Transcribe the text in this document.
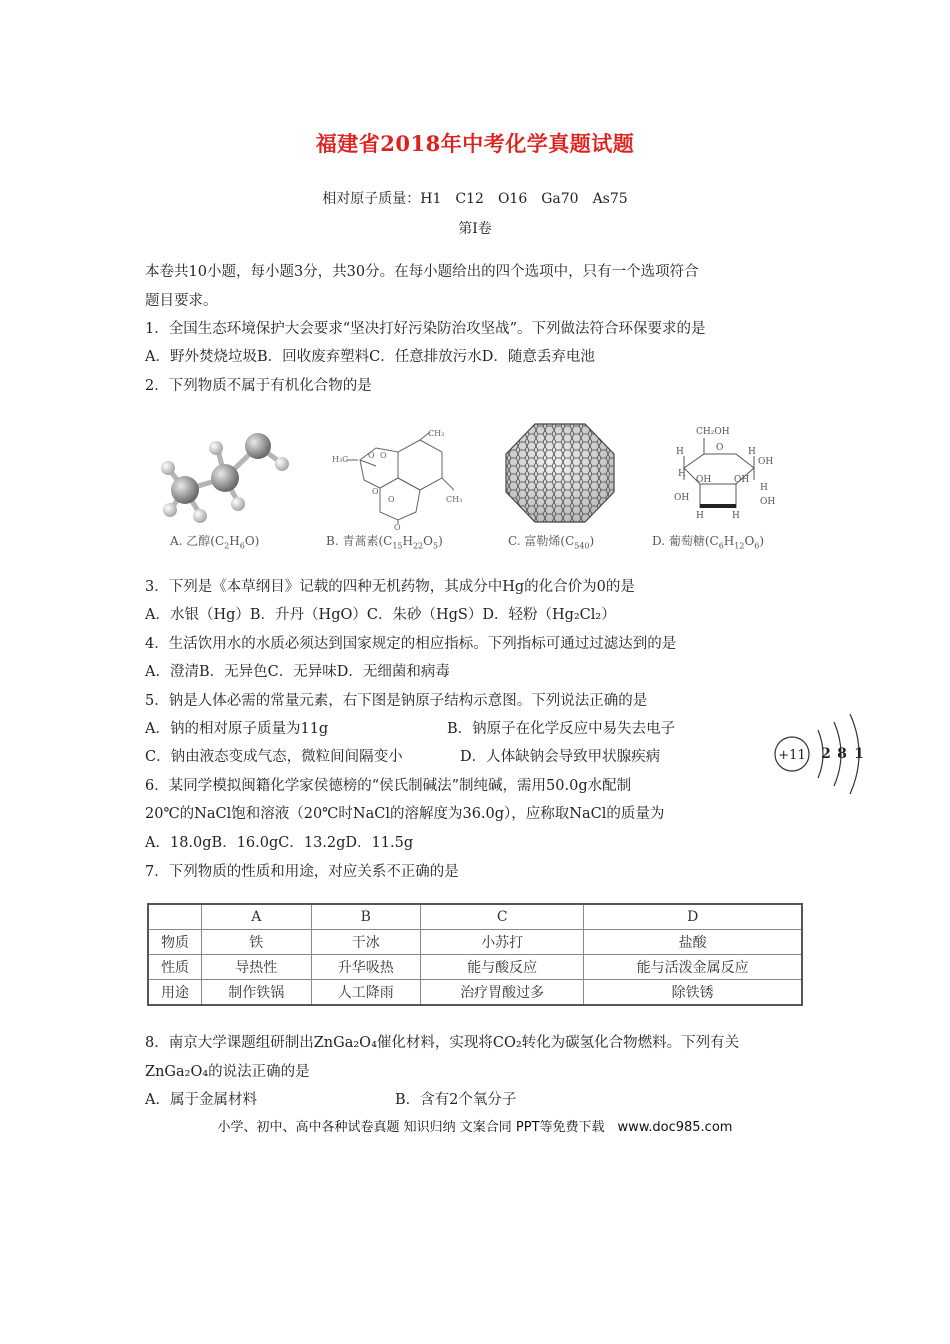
福建省2018年中考化学真题试题
相对原子质量：H1　C12　O16　Ga70　As75
第Ⅰ卷
本卷共10小题，每小题3分，共30分。在每小题给出的四个选项中，只有一个选项符合
题目要求。
1．全国生态环境保护大会要求“坚决打好污染防治攻坚战”。下列做法符合环保要求的是
A．野外焚烧垃圾B．回收废弃塑料C．任意排放污水D．随意丢弃电池
2．下列物质不属于有机化合物的是
CH₃
H₃C O O
O
O
O
CH₃
CH₂OH
H	O	H
OH
H
OH	OH
OH
H
H	H
OH
A. 乙醇$(C_2H_6O)$	B. 青蒿素$(C_{15}H_{22}O_5)$	C. 富勒烯$(C_{540})$	D. 葡萄糖$(C_6H_{12}O_6)$
3．下列是《本草纲目》记载的四种无机药物，其成分中Hg的化合价为0的是
A．水银（Hg）B．升丹（HgO）C．朱砂（HgS）D．轻粉（Hg₂Cl₂）
4．生活饮用水的水质必须达到国家规定的相应指标。下列指标可通过过滤达到的是
A．澄清B．无异色C．无异味D．无细菌和病毒
5．钠是人体必需的常量元素，右下图是钠原子结构示意图。下列说法正确的是
A．钠的相对原子质量为11g	B．钠原子在化学反应中易失去电子
C．钠由液态变成气态，微粒间间隔变小	D．人体缺钠会导致甲状腺疾病	+11 2 8 1
6．某同学模拟闽籍化学家侯德榜的“侯氏制碱法”制纯碱，需用50.0g水配制
20℃的NaCl饱和溶液（20℃时NaCl的溶解度为36.0g），应称取NaCl的质量为
A．18.0gB．16.0gC．13.2gD．11.5g
7．下列物质的性质和用途，对应关系不正确的是
	A	B	C	D
物质	铁	干冰	小苏打	盐酸
性质	导热性	升华吸热	能与酸反应	能与活泼金属反应
用途	制作铁锅	人工降雨	治疗胃酸过多	除铁锈
8．南京大学课题组研制出ZnGa₂O₄催化材料，实现将CO₂转化为碳氢化合物燃料。下列有关
ZnGa₂O₄的说法正确的是
A．属于金属材料	B．含有2个氧分子
小学、初中、高中各种试卷真题 知识归纳 文案合同 PPT等免费下载　www.doc985.com
